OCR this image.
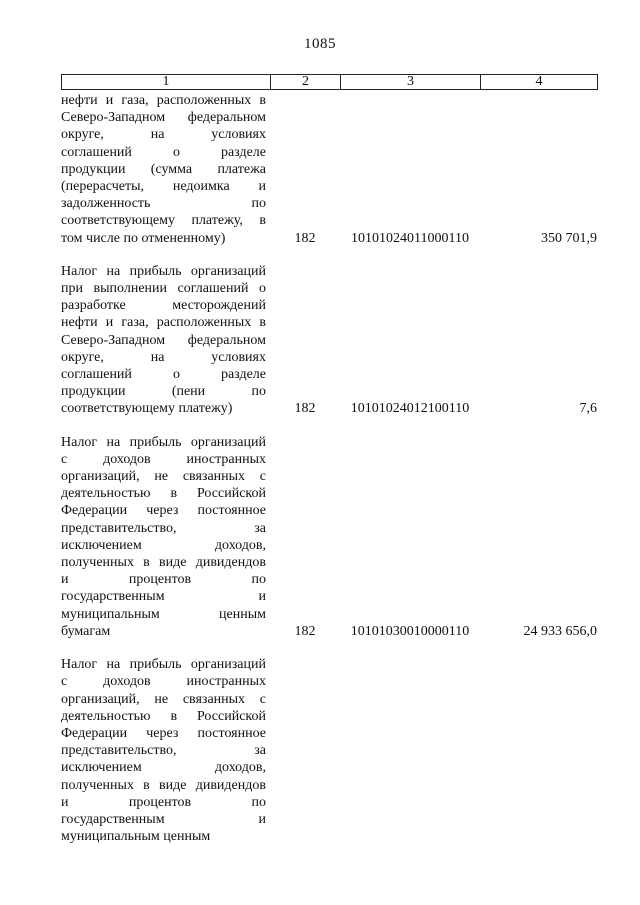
1085
1	2	3	4
нефти и газа, расположенных в
Северо-Западном федеральном
округе, на условиях
соглашений о разделе
продукции (сумма платежа
(перерасчеты, недоимка и
задолженность по
соответствующему платежу, в
том числе по отмененному)	182	10101024011000110	350 701,9
Налог на прибыль организаций
при выполнении соглашений о
разработке месторождений
нефти и газа, расположенных в
Северо-Западном федеральном
округе, на условиях
соглашений о разделе
продукции (пени по
соответствующему платежу)	182	10101024012100110	7,6
Налог на прибыль организаций
с доходов иностранных
организаций, не связанных с
деятельностью в Российской
Федерации через постоянное
представительство, за
исключением доходов,
полученных в виде дивидендов
и процентов по
государственным и
муниципальным ценным
бумагам	182	10101030010000110	24 933 656,0
Налог на прибыль организаций
с доходов иностранных
организаций, не связанных с
деятельностью в Российской
Федерации через постоянное
представительство, за
исключением доходов,
полученных в виде дивидендов
и процентов по
государственным и
муниципальным ценным
